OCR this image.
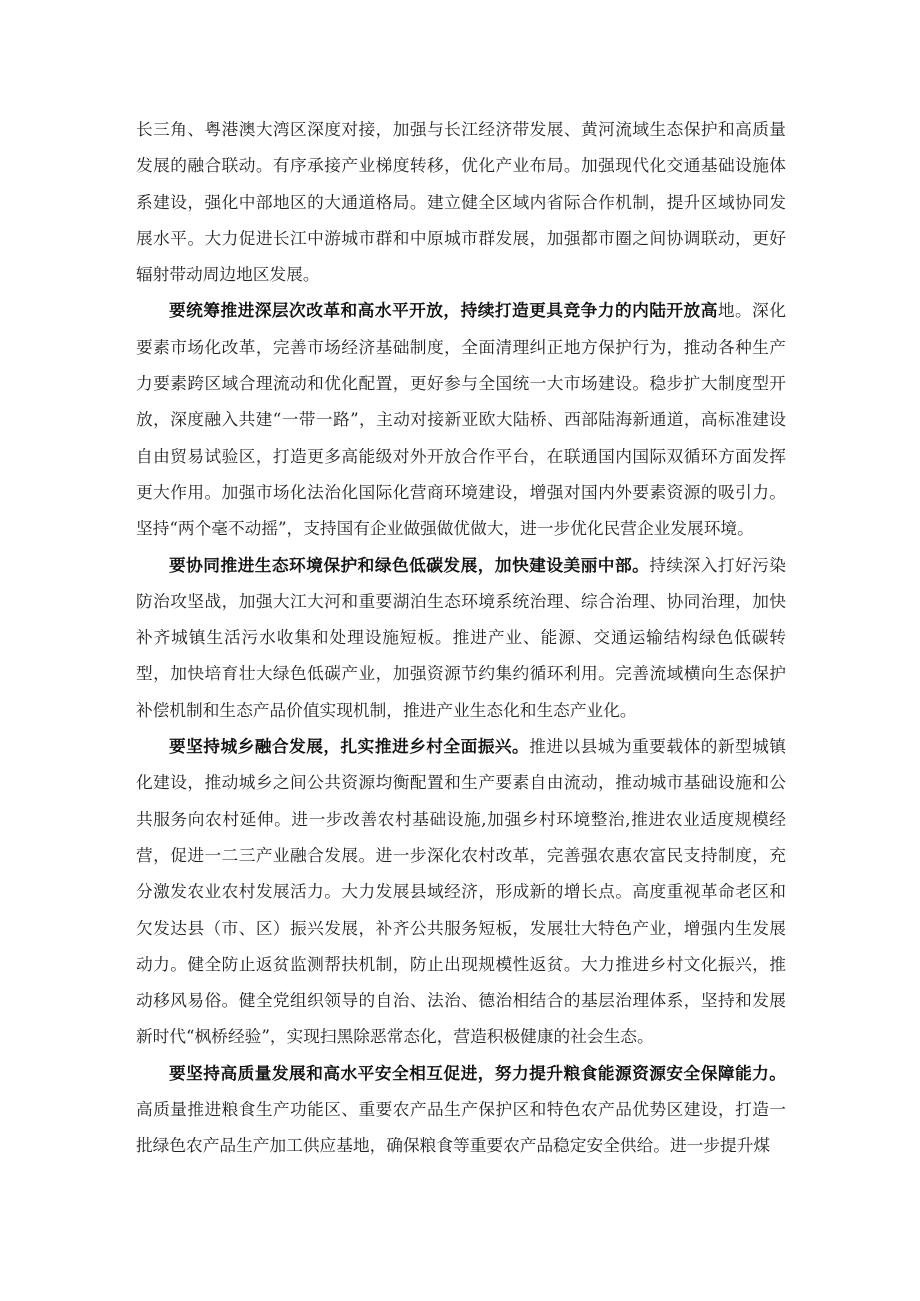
长三角、粤港澳大湾区深度对接，加强与长江经济带发展、黄河流域生态保护和高质量发展的融合联动。有序承接产业梯度转移，优化产业布局。加强现代化交通基础设施体系建设，强化中部地区的大通道格局。建立健全区域内省际合作机制，提升区域协同发展水平。大力促进长江中游城市群和中原城市群发展，加强都市圈之间协调联动，更好辐射带动周边地区发展。

要统筹推进深层次改革和高水平开放，持续打造更具竞争力的内陆开放高地。深化要素市场化改革，完善市场经济基础制度，全面清理纠正地方保护行为，推动各种生产力要素跨区域合理流动和优化配置，更好参与全国统一大市场建设。稳步扩大制度型开放，深度融入共建“一带一路”，主动对接新亚欧大陆桥、西部陆海新通道，高标准建设自由贸易试验区，打造更多高能级对外开放合作平台，在联通国内国际双循环方面发挥更大作用。加强市场化法治化国际化营商环境建设，增强对国内外要素资源的吸引力。坚持“两个毫不动摇”，支持国有企业做强做优做大，进一步优化民营企业发展环境。

要协同推进生态环境保护和绿色低碳发展，加快建设美丽中部。持续深入打好污染防治攻坚战，加强大江大河和重要湖泊生态环境系统治理、综合治理、协同治理，加快补齐城镇生活污水收集和处理设施短板。推进产业、能源、交通运输结构绿色低碳转型，加快培育壮大绿色低碳产业，加强资源节约集约循环利用。完善流域横向生态保护补偿机制和生态产品价值实现机制，推进产业生态化和生态产业化。

要坚持城乡融合发展，扎实推进乡村全面振兴。推进以县城为重要载体的新型城镇化建设，推动城乡之间公共资源均衡配置和生产要素自由流动，推动城市基础设施和公共服务向农村延伸。进一步改善农村基础设施,加强乡村环境整治,推进农业适度规模经营，促进一二三产业融合发展。进一步深化农村改革，完善强农惠农富民支持制度，充分激发农业农村发展活力。大力发展县域经济，形成新的增长点。高度重视革命老区和欠发达县（市、区）振兴发展，补齐公共服务短板，发展壮大特色产业，增强内生发展动力。健全防止返贫监测帮扶机制，防止出现规模性返贫。大力推进乡村文化振兴，推动移风易俗。健全党组织领导的自治、法治、德治相结合的基层治理体系，坚持和发展新时代“枫桥经验”，实现扫黑除恶常态化，营造积极健康的社会生态。

要坚持高质量发展和高水平安全相互促进，努力提升粮食能源资源安全保障能力。高质量推进粮食生产功能区、重要农产品生产保护区和特色农产品优势区建设，打造一批绿色农产品生产加工供应基地，确保粮食等重要农产品稳定安全供给。进一步提升煤
